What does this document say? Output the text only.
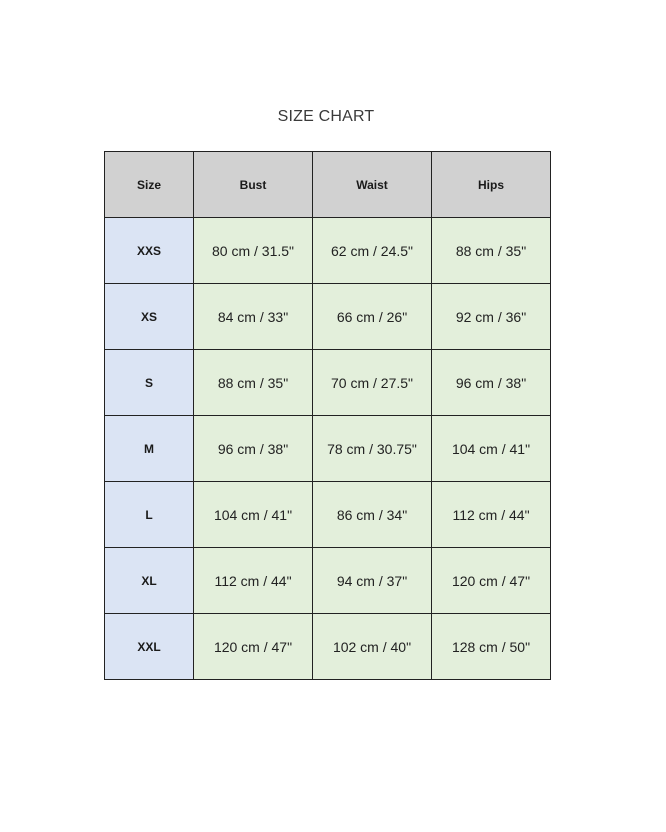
SIZE CHART
Size	Bust	Waist	Hips
XXS	80 cm / 31.5"	62 cm / 24.5"	88 cm / 35"
XS	84 cm / 33"	66 cm / 26"	92 cm / 36"
S	88 cm / 35"	70 cm / 27.5"	96 cm / 38"
M	96 cm / 38"	78 cm / 30.75"	104 cm / 41"
L	104 cm / 41"	86 cm / 34"	112 cm / 44"
XL	112 cm / 44"	94 cm / 37"	120 cm / 47"
XXL	120 cm / 47"	102 cm / 40"	128 cm / 50"
